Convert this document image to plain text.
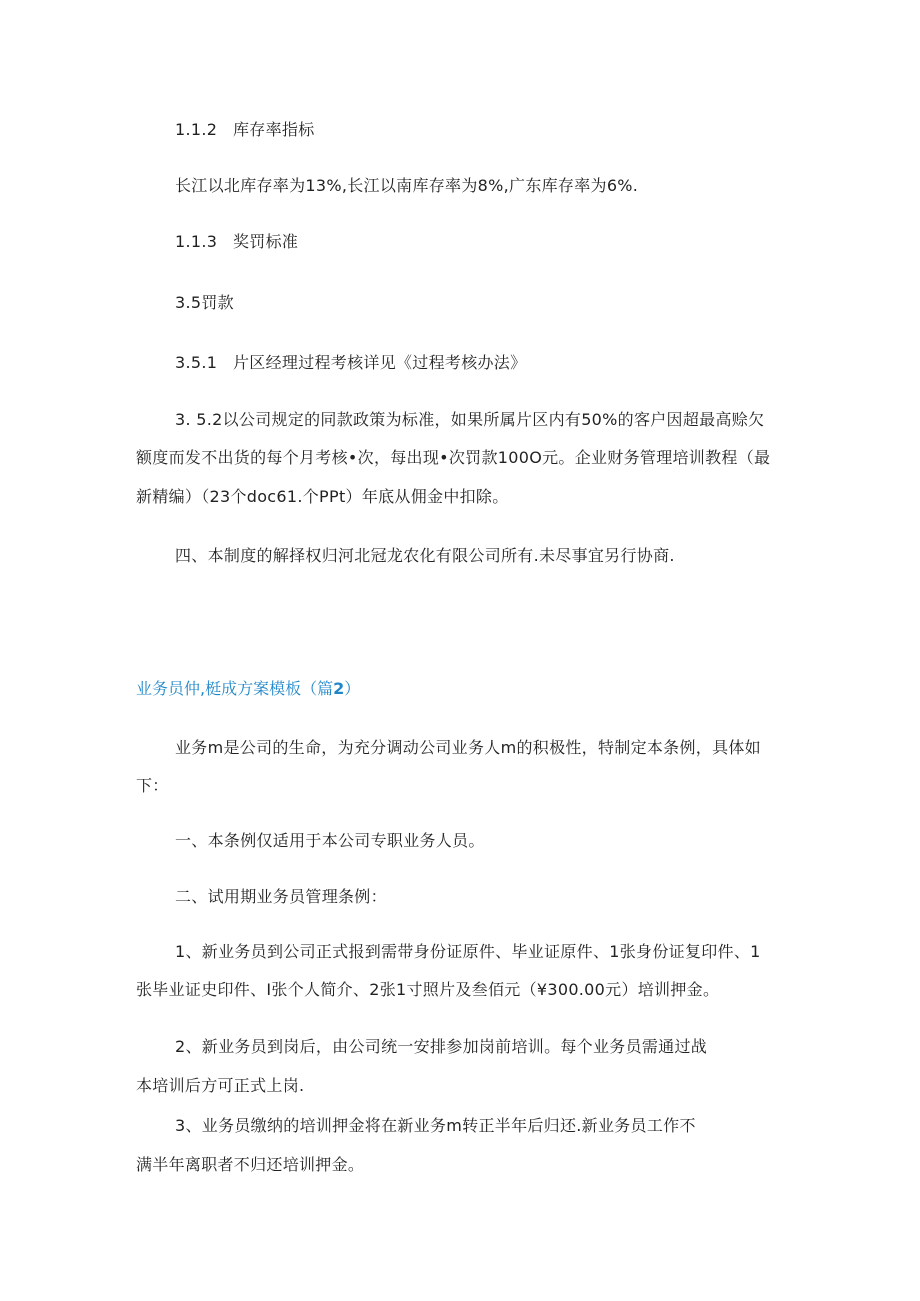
1.1.2 库存率指标
长江以北库存率为13%,长江以南库存率为8%,广东库存率为6%.
1.1.3 奖罚标准
3.5罚款
3.5.1 片区经理过程考核详见《过程考核办法》
3. 5.2以公司规定的同款政策为标准，如果所属片区内有50%的客户因超最高赊欠
额度而发不出货的每个月考核•次，每出现•次罚款100O元。企业财务管理培训教程（最
新精编）（23个doc61.个PPt）年底从佣金中扣除。
四、本制度的解择权归河北冠龙农化有限公司所有.未尽事宜另行协商.
业务员仲,梃成方案模板（篇2）
业务m是公司的生命，为充分调动公司业务人m的积极性，特制定本条例，具体如
下：
一、本条例仅适用于本公司专职业务人员。
二、试用期业务员管理条例：
1、新业务员到公司正式报到需带身份证原件、毕业证原件、1张身份证复印件、1
张毕业证史印件、I张个人简介、2张1寸照片及叁佰元（¥300.00元）培训押金。
2、新业务员到岗后，由公司统一安排参加岗前培训。每个业务员需通过战
本培训后方可正式上岗.
3、业务员缴纳的培训押金将在新业务m转正半年后归还.新业务员工作不
满半年离职者不归还培训押金。
